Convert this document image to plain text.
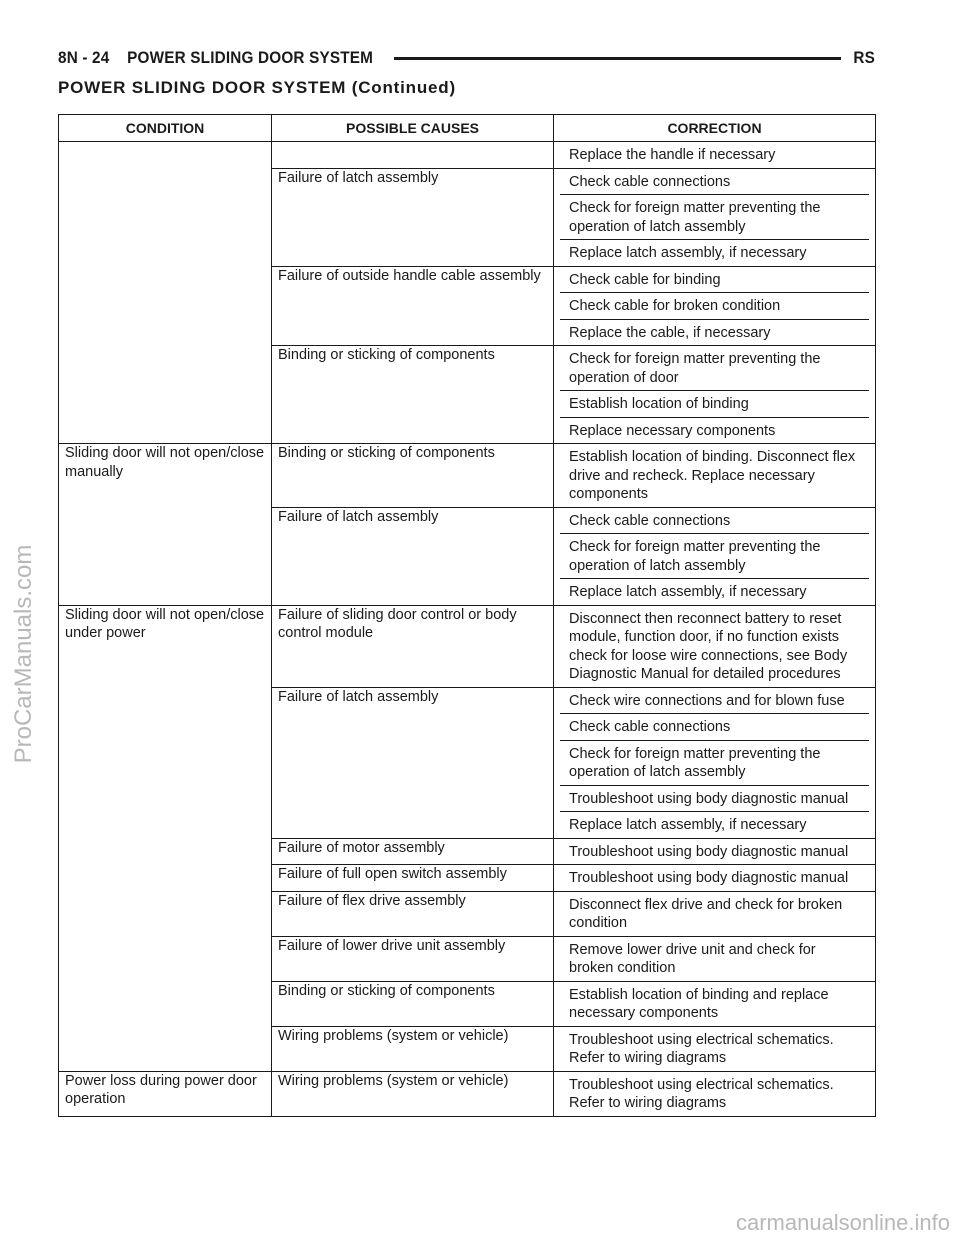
8N - 24    POWER SLIDING DOOR SYSTEM	RS
POWER SLIDING DOOR SYSTEM (Continued)
CONDITION	POSSIBLE CAUSES	CORRECTION

		Replace the handle if necessary

	Failure of latch assembly	Check cable connections
Check for foreign matter preventing the operation of latch assembly
Replace latch assembly, if necessary

	Failure of outside handle cable assembly	Check cable for binding
Check cable for broken condition
Replace the cable, if necessary

	Binding or sticking of components	Check for foreign matter preventing the operation of door
Establish location of binding
Replace necessary components

Sliding door will not open/close manually	Binding or sticking of components	Establish location of binding. Disconnect flex drive and recheck. Replace necessary components

	Failure of latch assembly	Check cable connections
Check for foreign matter preventing the operation of latch assembly
Replace latch assembly, if necessary

Sliding door will not open/close under power	Failure of sliding door control or body control module	Disconnect then reconnect battery to reset module, function door, if no function exists check for loose wire connections, see Body Diagnostic Manual for detailed procedures

	Failure of latch assembly	Check wire connections and for blown fuse
Check cable connections
Check for foreign matter preventing the operation of latch assembly
Troubleshoot using body diagnostic manual
Replace latch assembly, if necessary

	Failure of motor assembly	Troubleshoot using body diagnostic manual

	Failure of full open switch assembly	Troubleshoot using body diagnostic manual

	Failure of flex drive assembly	Disconnect flex drive and check for broken condition

	Failure of lower drive unit assembly	Remove lower drive unit and check for broken condition

	Binding or sticking of components	Establish location of binding and replace necessary components

	Wiring problems (system or vehicle)	Troubleshoot using electrical schematics. Refer to wiring diagrams

Power loss during power door operation	Wiring problems (system or vehicle)	Troubleshoot using electrical schematics. Refer to wiring diagrams
ProCarManuals.com
carmanualsonline.info
